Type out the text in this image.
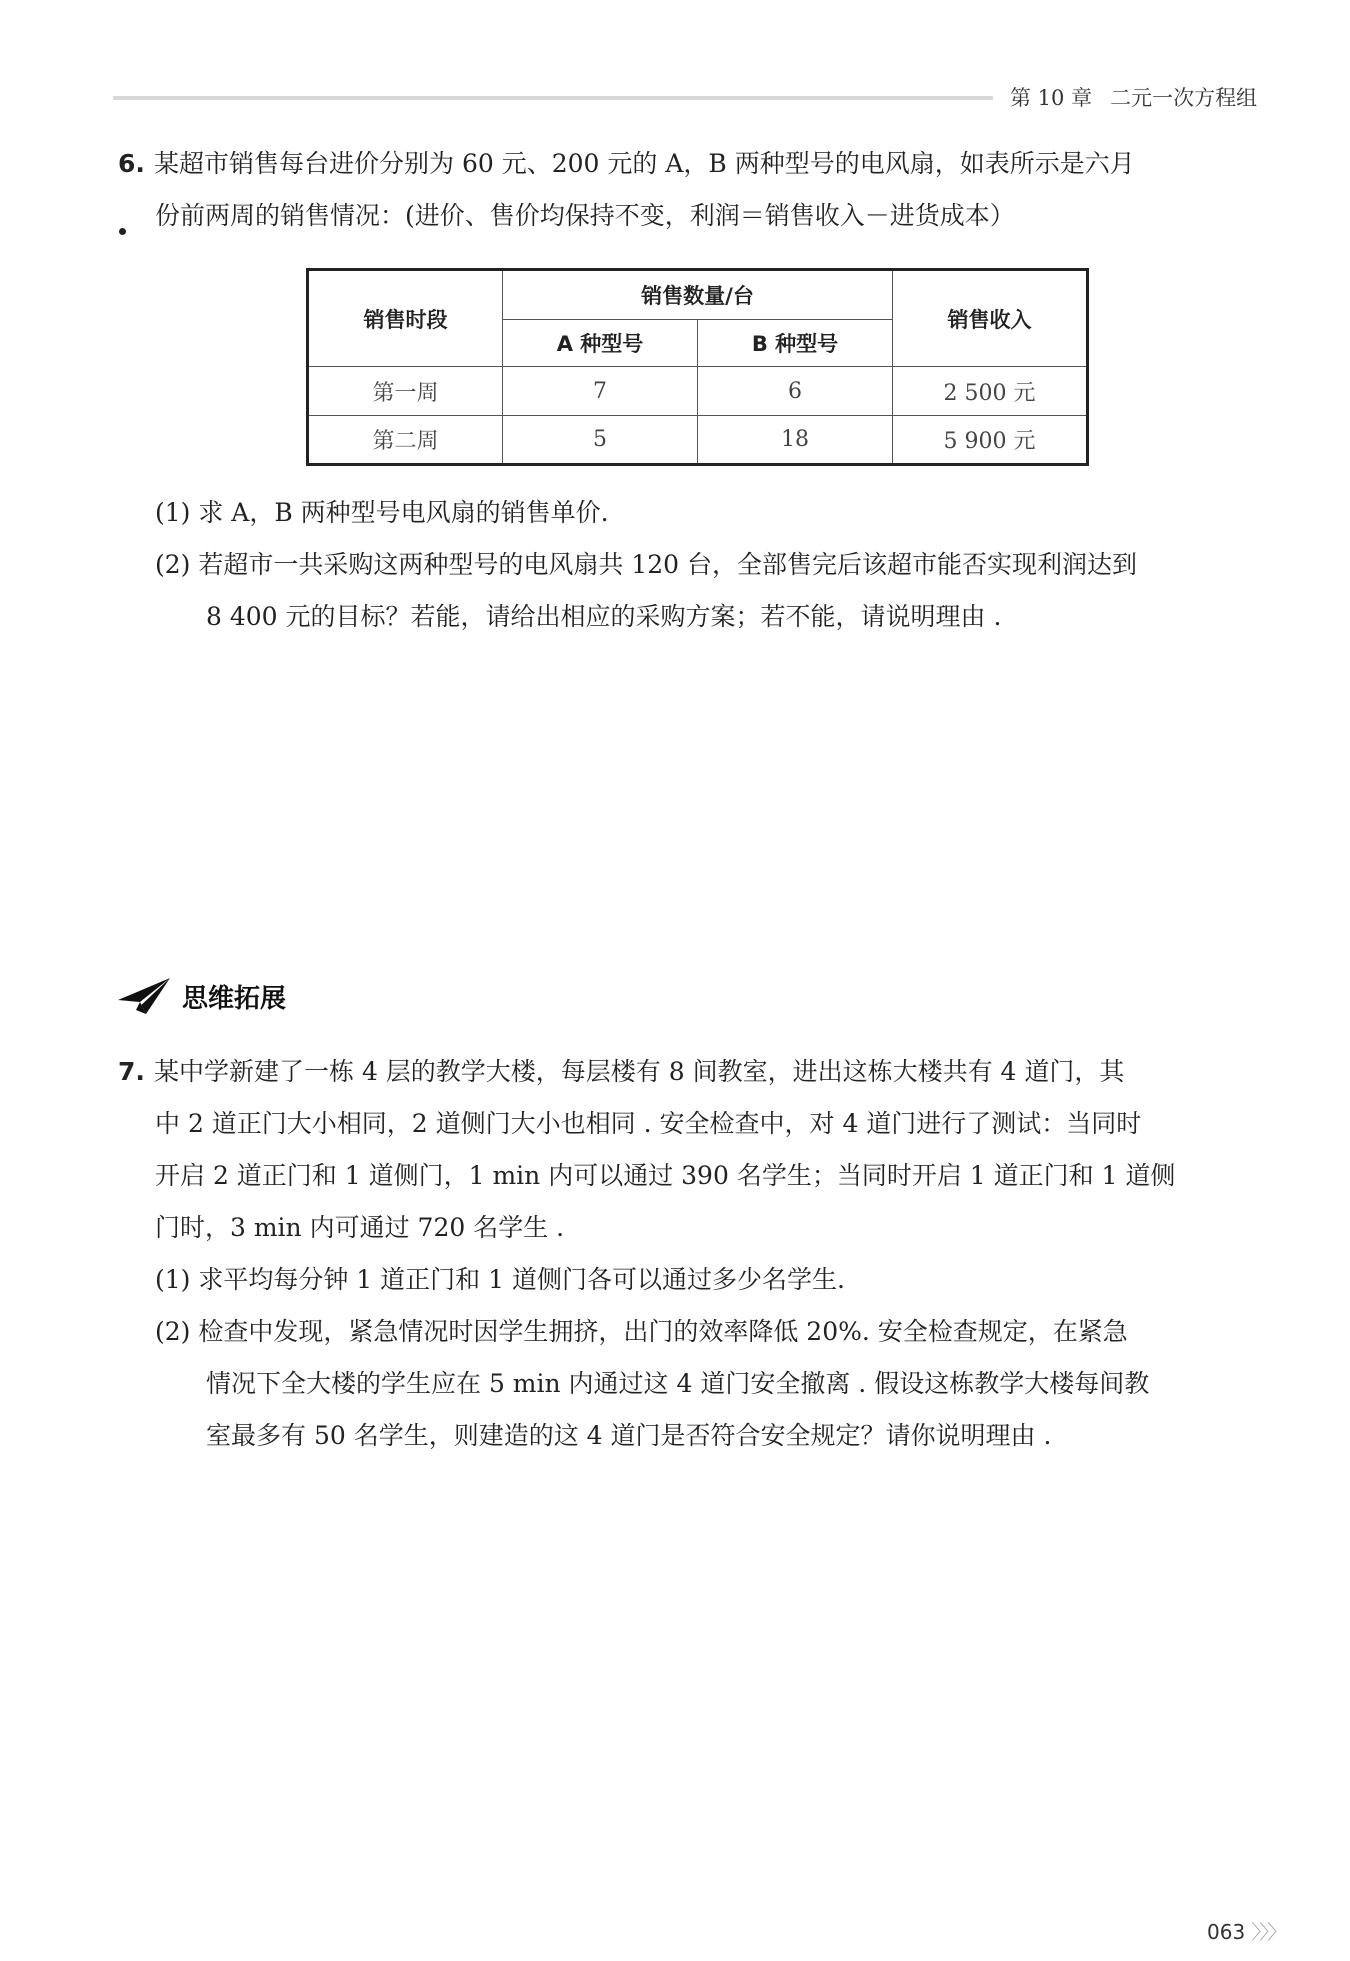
第 10 章 二元一次方程组
6. 某超市销售每台进价分别为 60 元、200 元的 A，B 两种型号的电风扇，如表所示是六月
份前两周的销售情况：(进价、售价均保持不变，利润＝销售收入－进货成本）
销售时段	销售数量/台		销售收入
	A 种型号	B 种型号	
第一周	7	6	2 500 元
第二周	5	18	5 900 元
(1) 求 A，B 两种型号电风扇的销售单价.
(2) 若超市一共采购这两种型号的电风扇共 120 台，全部售完后该超市能否实现利润达到
8 400 元的目标？若能，请给出相应的采购方案；若不能，请说明理由 .
思维拓展
7. 某中学新建了一栋 4 层的教学大楼，每层楼有 8 间教室，进出这栋大楼共有 4 道门，其
中 2 道正门大小相同，2 道侧门大小也相同 . 安全检查中，对 4 道门进行了测试：当同时
开启 2 道正门和 1 道侧门，1 min 内可以通过 390 名学生；当同时开启 1 道正门和 1 道侧
门时，3 min 内可通过 720 名学生 .
(1) 求平均每分钟 1 道正门和 1 道侧门各可以通过多少名学生.
(2) 检查中发现，紧急情况时因学生拥挤，出门的效率降低 20%. 安全检查规定，在紧急
情况下全大楼的学生应在 5 min 内通过这 4 道门安全撤离 . 假设这栋教学大楼每间教
室最多有 50 名学生，则建造的这 4 道门是否符合安全规定？请你说明理由 .
063 〉〉〉
